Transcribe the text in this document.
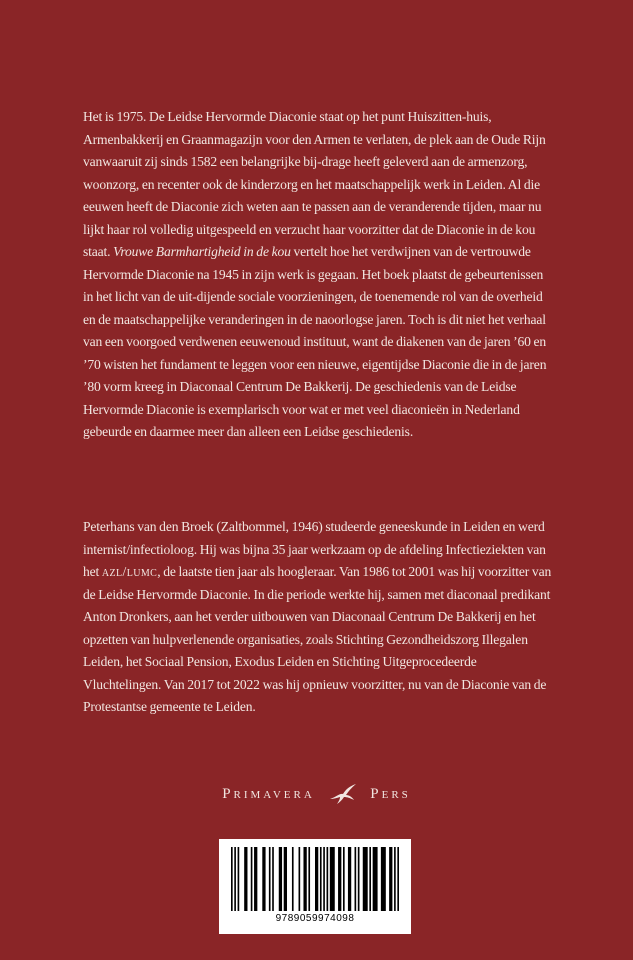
Het is 1975. De Leidse Hervormde Diaconie staat op het punt Huiszitten-huis, Armenbakkerij en Graanmagazijn voor den Armen te verlaten, de plek aan de Oude Rijn vanwaaruit zij sinds 1582 een belangrijke bij-drage heeft geleverd aan de armenzorg, woonzorg, en recenter ook de kinderzorg en het maatschappelijk werk in Leiden. Al die eeuwen heeft de Diaconie zich weten aan te passen aan de veranderende tijden, maar nu lijkt haar rol volledig uitgespeeld en verzucht haar voorzitter dat de Diaconie in de kou staat. Vrouwe Barmhartigheid in de kou vertelt hoe het verdwijnen van de vertrouwde Hervormde Diaconie na 1945 in zijn werk is gegaan. Het boek plaatst de gebeurtenissen in het licht van de uit-dijende sociale voorzieningen, de toenemende rol van de overheid en de maatschappelijke veranderingen in de naoorlogse jaren. Toch is dit niet het verhaal van een voorgoed verdwenen eeuwenoud instituut, want de diakenen van de jaren ’60 en ’70 wisten het fundament te leggen voor een nieuwe, eigentijdse Diaconie die in de jaren ’80 vorm kreeg in Diaconaal Centrum De Bakkerij. De geschiedenis van de Leidse Hervormde Diaconie is exemplarisch voor wat er met veel diaconieën in Nederland gebeurde en daarmee meer dan alleen een Leidse geschiedenis.
Peterhans van den Broek (Zaltbommel, 1946) studeerde geneeskunde in Leiden en werd internist/infectioloog. Hij was bijna 35 jaar werkzaam op de afdeling Infectieziekten van het azl/lumc, de laatste tien jaar als hoogleraar. Van 1986 tot 2001 was hij voorzitter van de Leidse Hervormde Diaconie. In die periode werkte hij, samen met diaconaal predikant Anton Dronkers, aan het verder uitbouwen van Diaconaal Centrum De Bakkerij en het opzetten van hulpverlenende organisaties, zoals Stichting Gezondheidszorg Illegalen Leiden, het Sociaal Pension, Exodus Leiden en Stichting Uitgeprocedeerde Vluchtelingen. Van 2017 tot 2022 was hij opnieuw voorzitter, nu van de Diaconie van de Protestantse gemeente te Leiden.
Primavera	Pers
9789059974098
